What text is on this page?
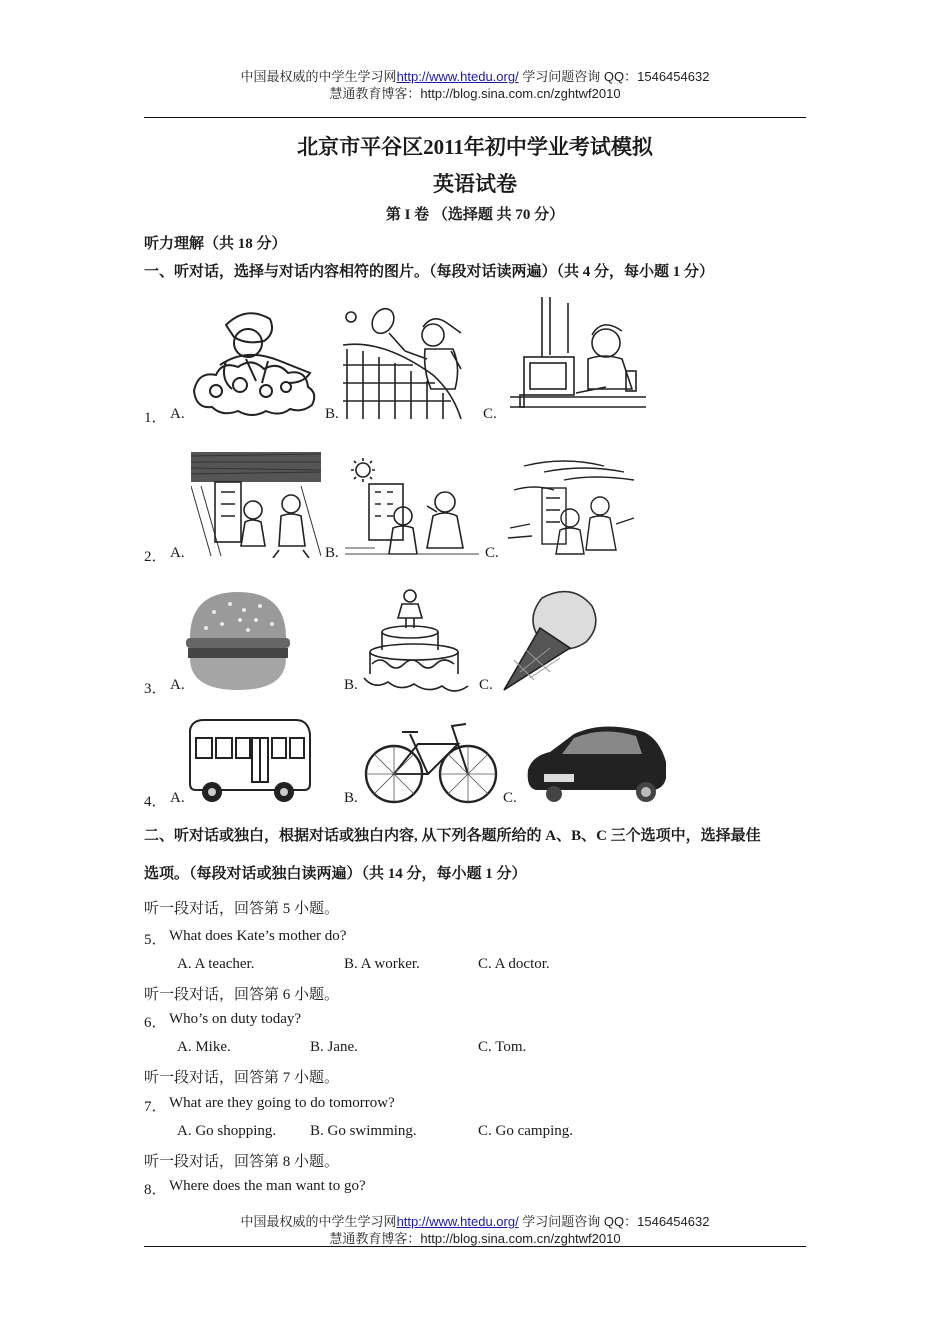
中国最权威的中学生学习网http://www.htedu.org/ 学习问题咨询 QQ：1546454632
慧通教育博客：http://blog.sina.com.cn/zghtwf2010
北京市平谷区2011年初中学业考试模拟
英语试卷
第 I 卷 （选择题 共 70 分）
听力理解（共 18 分）
一、听对话，选择与对话内容相符的图片。（每段对话读两遍）（共 4 分，每小题 1 分）
1． A.	B.	C.
2． A.	B.	C.
3． A.	B.	C.
4． A.	B.	C.
二、听对话或独白，根据对话或独白内容, 从下列各题所给的 A、B、C 三个选项中，选择最佳
选项。（每段对话或独白读两遍）（共 14 分，每小题 1 分）
听一段对话，回答第 5 小题。
5． What does Kate’s mother do?
A. A teacher.	B. A worker.	C. A doctor.
听一段对话，回答第 6 小题。
6． Who’s on duty today?
A. Mike.	B. Jane.	C. Tom.
听一段对话，回答第 7 小题。
7． What are they going to do tomorrow?
A. Go shopping. B. Go swimming.	C. Go camping.
听一段对话，回答第 8 小题。
8． Where does the man want to go?
中国最权威的中学生学习网http://www.htedu.org/ 学习问题咨询 QQ：1546454632
慧通教育博客：http://blog.sina.com.cn/zghtwf2010
